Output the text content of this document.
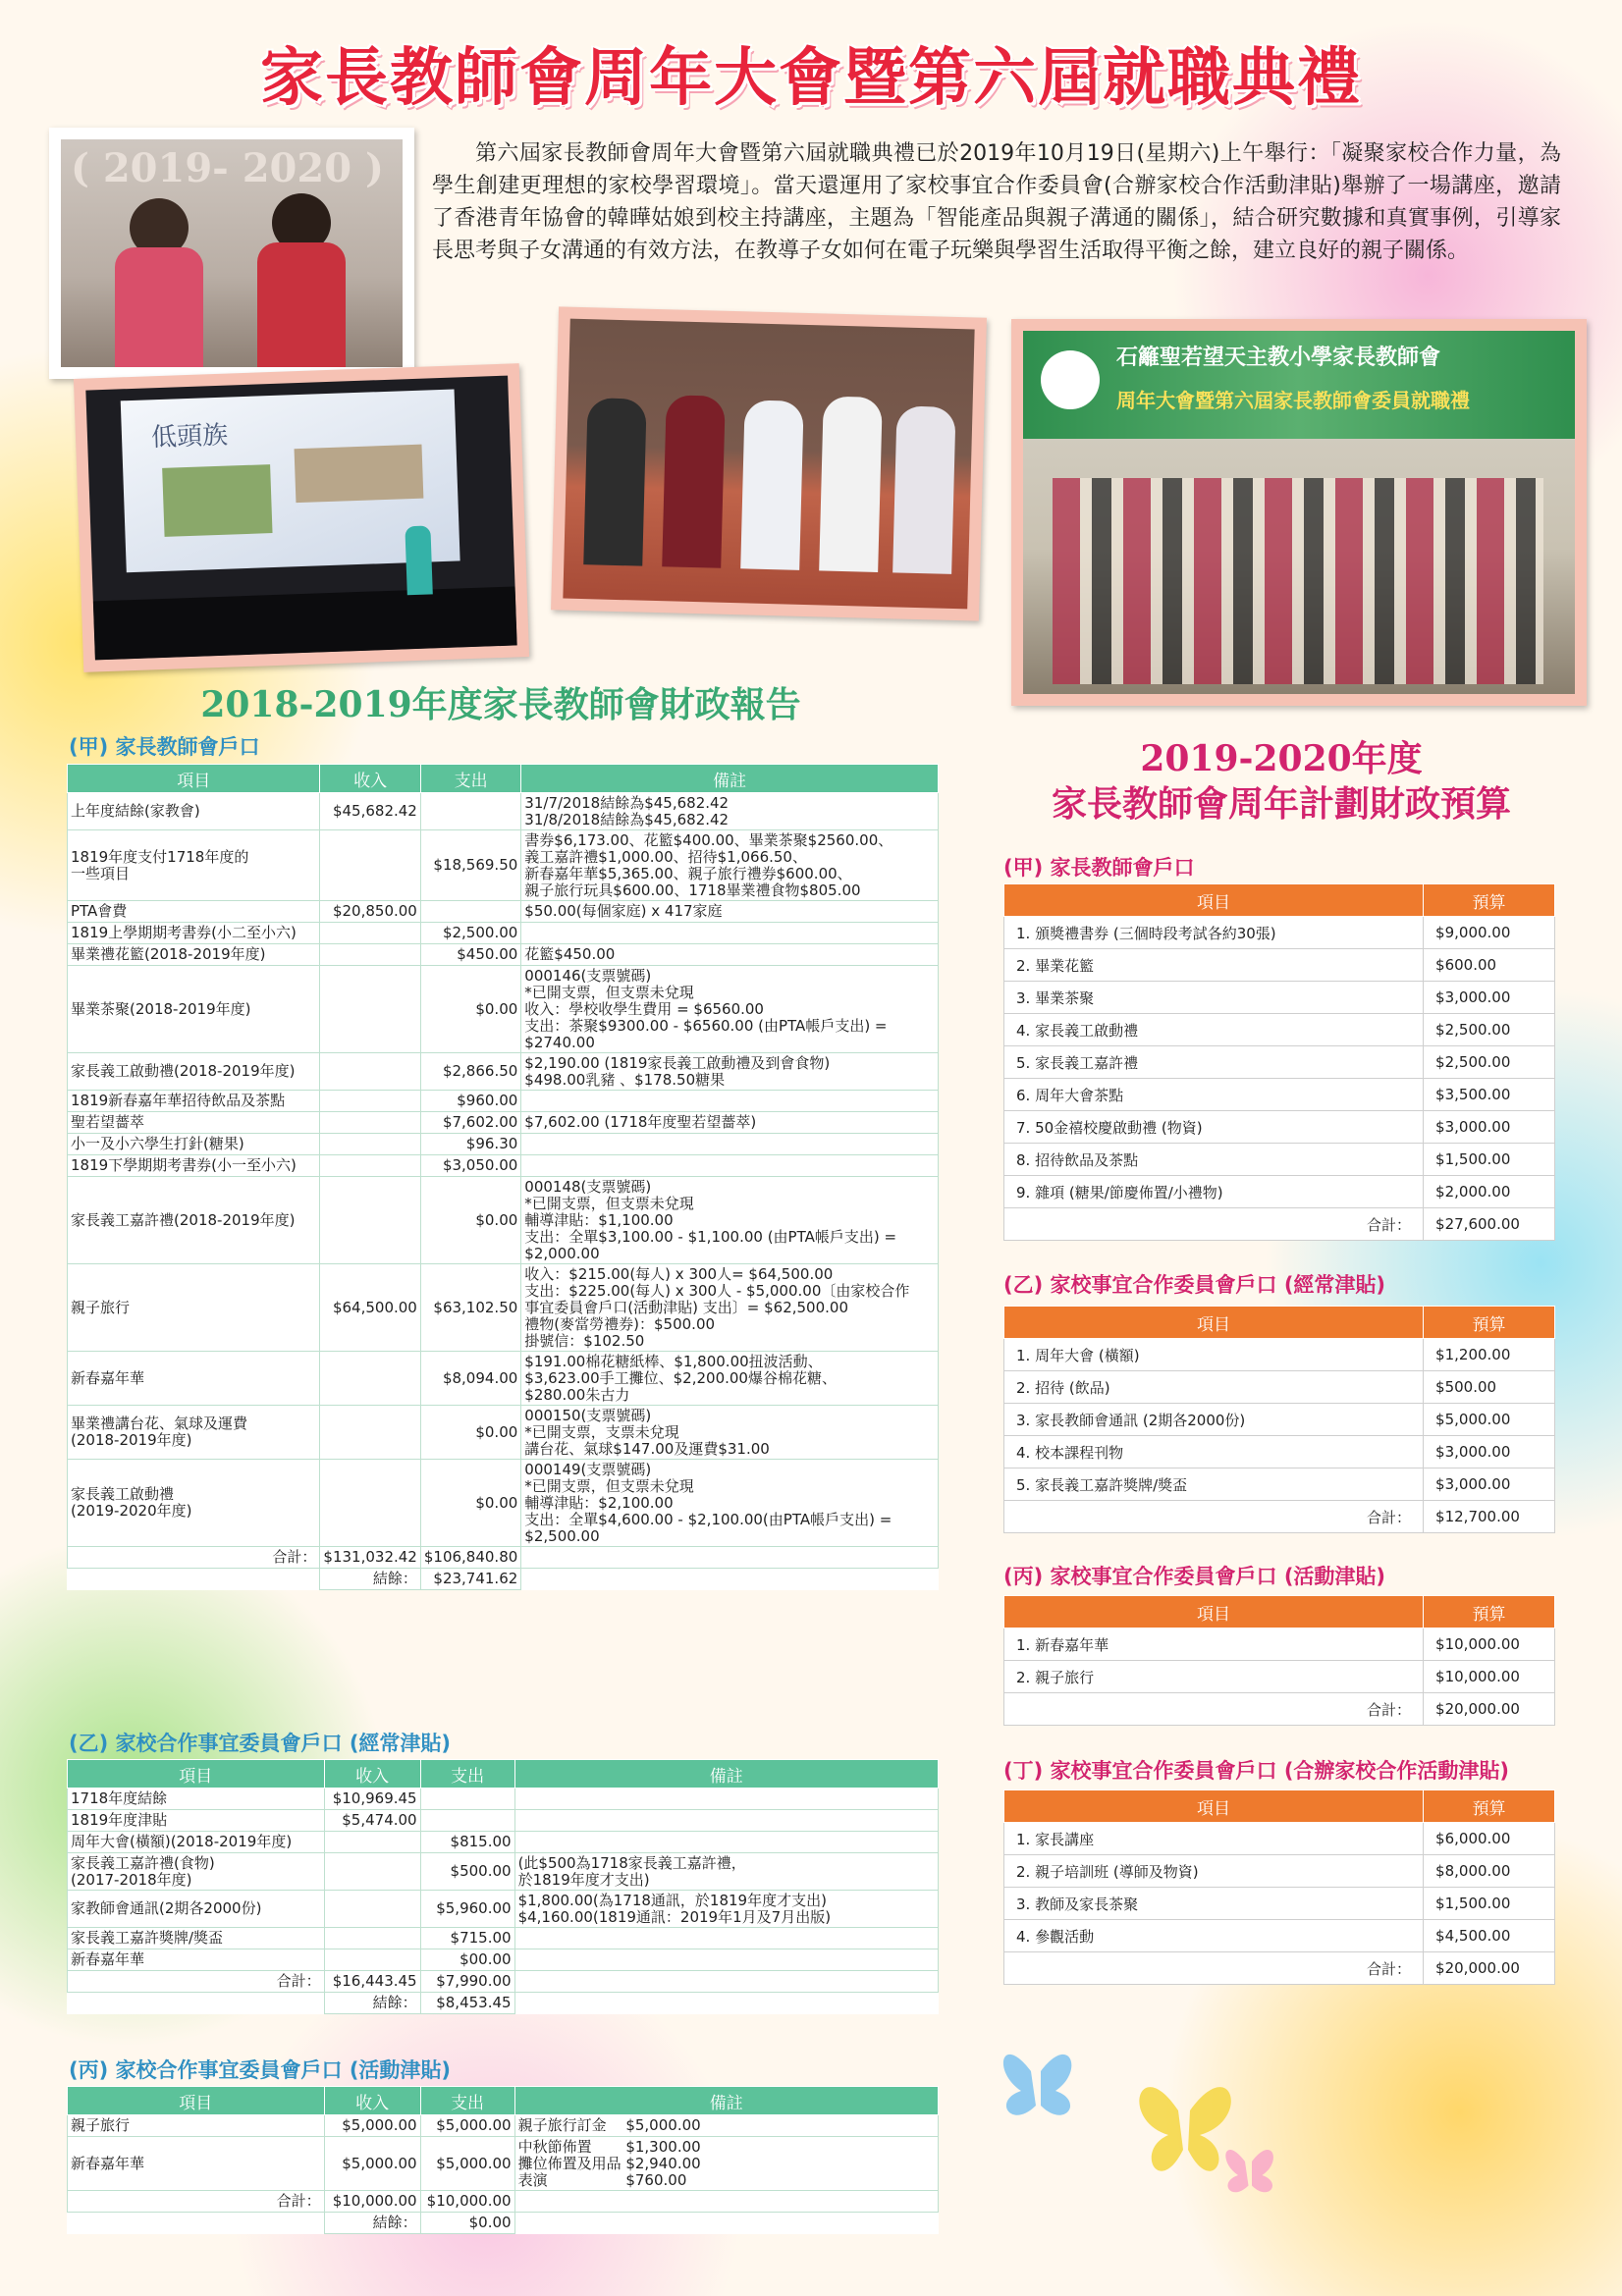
家長教師會周年大會暨第六屆就職典禮
( 2019- 2020 )	第六屆家長教師會周年大會暨第六屆就職典禮已於2019年10月19日(星期六)上午舉行：「凝聚家校合作力量，為學生創建更理想的家校學習環境」。當天還運用了家校事宜合作委員會(合辦家校合作活動津貼)舉辦了一場講座，邀請了香港青年協會的韓曄姑娘到校主持講座，主題為「智能產品與親子溝通的關係」，結合研究數據和真實事例，引導家長思考與子女溝通的有效方法，在教導子女如何在電子玩樂與學習生活取得平衡之餘，建立良好的親子關係。
低頭族
石籬聖若望天主教小學家長教師會
周年大會暨第六屆家長教師會委員就職禮
2018-2019年度家長教師會財政報告
(甲) 家長教師會戶口
項目	收入	支出	備註
上年度結餘(家教會)	$45,682.42		31/7/2018結餘為$45,682.42
31/8/2018結餘為$45,682.42
1819年度支付1718年度的
一些項目		$18,569.50	書券$6,173.00、花籃$400.00、畢業茶聚$2560.00、
義工嘉許禮$1,000.00、招待$1,066.50、
新春嘉年華$5,365.00、親子旅行禮券$600.00、
親子旅行玩具$600.00、1718畢業禮食物$805.00
PTA會費	$20,850.00		$50.00(每個家庭) x 417家庭
1819上學期期考書券(小二至小六)		$2,500.00	
畢業禮花籃(2018-2019年度)		$450.00	花籃$450.00
畢業茶聚(2018-2019年度)		$0.00	000146(支票號碼)
*已開支票，但支票未兌現
收入：學校收學生費用 = $6560.00
支出：茶聚$9300.00 - $6560.00 (由PTA帳戶支出) =
$2740.00
家長義工啟動禮(2018-2019年度)		$2,866.50	$2,190.00 (1819家長義工啟動禮及到會食物)
$498.00乳豬 、$178.50糖果
1819新春嘉年華招待飲品及茶點		$960.00	
聖若望薔萃		$7,602.00	$7,602.00 (1718年度聖若望薔萃)
小一及小六學生打針(糖果)		$96.30	
1819下學期期考書券(小一至小六)		$3,050.00	
家長義工嘉許禮(2018-2019年度)		$0.00	000148(支票號碼)
*已開支票，但支票未兌現
輔導津貼：$1,100.00
支出：全單$3,100.00 - $1,100.00 (由PTA帳戶支出) =
$2,000.00
親子旅行	$64,500.00	$63,102.50	收入：$215.00(每人) x 300人= $64,500.00
支出：$225.00(每人) x 300人 - $5,000.00〔由家校合作
事宜委員會戶口(活動津貼) 支出〕= $62,500.00
禮物(麥當勞禮券)：$500.00
掛號信：$102.50
新春嘉年華		$8,094.00	$191.00棉花糖紙棒、$1,800.00扭波活動、
$3,623.00手工攤位、$2,200.00爆谷棉花糖、
$280.00朱古力
畢業禮講台花、氣球及運費
(2018-2019年度)		$0.00	000150(支票號碼)
*已開支票，支票未兌現
講台花、氣球$147.00及運費$31.00
家長義工啟動禮
(2019-2020年度)		$0.00	000149(支票號碼)
*已開支票，但支票未兌現
輔導津貼：$2,100.00
支出：全單$4,600.00 - $2,100.00(由PTA帳戶支出) =
$2,500.00
合計：	$131,032.42	$106,840.80	
	結餘：	$23,741.62	
(乙) 家校合作事宜委員會戶口 (經常津貼)
項目	收入	支出	備註
1718年度結餘	$10,969.45		
1819年度津貼	$5,474.00		
周年大會(橫額)(2018-2019年度)		$815.00	
家長義工嘉許禮(食物)
(2017-2018年度)		$500.00	(此$500為1718家長義工嘉許禮，
於1819年度才支出)
家教師會通訊(2期各2000份)		$5,960.00	$1,800.00(為1718通訊，於1819年度才支出)
$4,160.00(1819通訊：2019年1月及7月出版)
家長義工嘉許獎牌/獎盃		$715.00	
新春嘉年華		$00.00	
合計：	$16,443.45	$7,990.00	
	結餘：	$8,453.45	
(丙) 家校合作事宜委員會戶口 (活動津貼)
項目	收入	支出	備註
親子旅行	$5,000.00	$5,000.00	親子旅行訂金　 $5,000.00
新春嘉年華	$5,000.00	$5,000.00	中秋節佈置　　 $1,300.00
攤位佈置及用品 $2,940.00
表演　　　　　 $760.00
合計：	$10,000.00	$10,000.00	
	結餘：	$0.00	
2019-2020年度
家長教師會周年計劃財政預算
(甲) 家長教師會戶口
項目	預算
1. 頒獎禮書券 (三個時段考試各約30張)	$9,000.00
2. 畢業花籃	$600.00
3. 畢業茶聚	$3,000.00
4. 家長義工啟動禮	$2,500.00
5. 家長義工嘉許禮	$2,500.00
6. 周年大會茶點	$3,500.00
7. 50金禧校慶啟動禮 (物資)	$3,000.00
8. 招待飲品及茶點	$1,500.00
9. 雜項 (糖果/節慶佈置/小禮物)	$2,000.00
合計：	$27,600.00
(乙) 家校事宜合作委員會戶口 (經常津貼)
項目	預算
1. 周年大會 (橫額)	$1,200.00
2. 招待 (飲品)	$500.00
3. 家長教師會通訊 (2期各2000份)	$5,000.00
4. 校本課程刊物	$3,000.00
5. 家長義工嘉許獎牌/獎盃	$3,000.00
合計：	$12,700.00
(丙) 家校事宜合作委員會戶口 (活動津貼)
項目	預算
1. 新春嘉年華	$10,000.00
2. 親子旅行	$10,000.00
合計：	$20,000.00
(丁) 家校事宜合作委員會戶口 (合辦家校合作活動津貼)
項目	預算
1. 家長講座	$6,000.00
2. 親子培訓班 (導師及物資)	$8,000.00
3. 教師及家長茶聚	$1,500.00
4. 參觀活動	$4,500.00
合計：	$20,000.00
